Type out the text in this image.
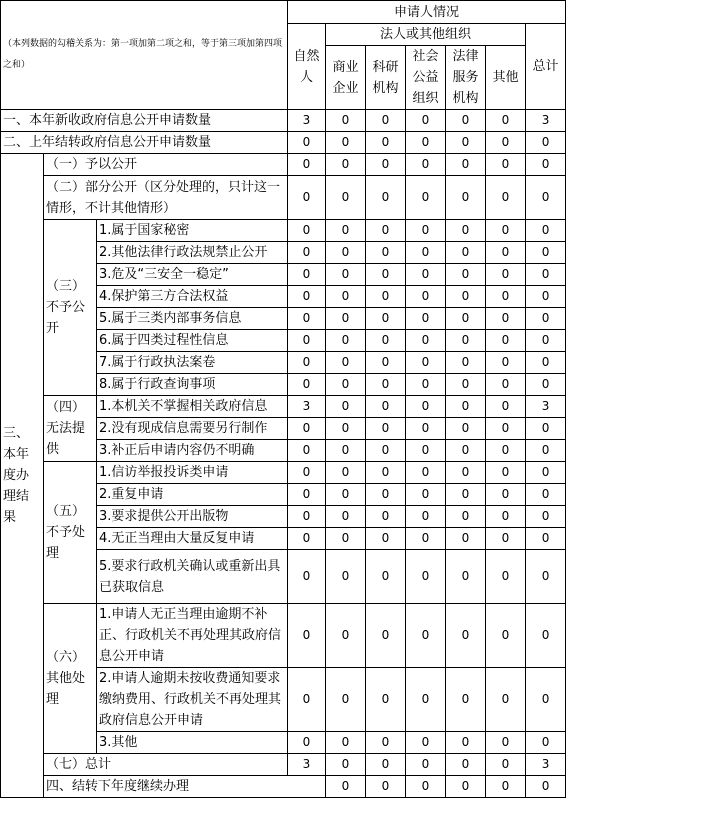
（本列数据的勾稽关系为：第一项加第二项之和，等于第三项加第四项之和）			申请人情况							
			自然人	法人或其他组织					总计	
				商业企业	科研机构	社会公益组织	法律服务机构	其他		
一、本年新收政府信息公开申请数量			3	0	0	0	0	0	3	
二、上年结转政府信息公开申请数量			0	0	0	0	0	0	0	
三、本年度办理结果	（一）予以公开		0	0	0	0	0	0	0	
	（二）部分公开（区分处理的，只计这一情形，不计其他情形）		0	0	0	0	0	0	0	
	（三）不予公开	1.属于国家秘密	0	0	0	0	0	0	0	
		2.其他法律行政法规禁止公开	0	0	0	0	0	0	0	
		3.危及“三安全一稳定”	0	0	0	0	0	0	0	
		4.保护第三方合法权益	0	0	0	0	0	0	0	
		5.属于三类内部事务信息	0	0	0	0	0	0	0	
		6.属于四类过程性信息	0	0	0	0	0	0	0	
		7.属于行政执法案卷	0	0	0	0	0	0	0	
		8.属于行政查询事项	0	0	0	0	0	0	0	
	（四）无法提供	1.本机关不掌握相关政府信息	3	0	0	0	0	0	3	
		2.没有现成信息需要另行制作	0	0	0	0	0	0	0	
		3.补正后申请内容仍不明确	0	0	0	0	0	0	0	
	（五）不予处理	1.信访举报投诉类申请	0	0	0	0	0	0	0	
		2.重复申请	0	0	0	0	0	0	0	
		3.要求提供公开出版物	0	0	0	0	0	0	0	
		4.无正当理由大量反复申请	0	0	0	0	0	0	0	
		5.要求行政机关确认或重新出具已获取信息	0	0	0	0	0	0	0	
	（六）其他处理	1.申请人无正当理由逾期不补正、行政机关不再处理其政府信息公开申请	0	0	0	0	0	0	0	
		2.申请人逾期未按收费通知要求缴纳费用、行政机关不再处理其政府信息公开申请	0	0	0	0	0	0	0	
		3.其他	0	0	0	0	0	0	0	
	（七）总计		3	0	0	0	0	0	3	
	四、结转下年度继续办理			0	0	0	0	0	0	
